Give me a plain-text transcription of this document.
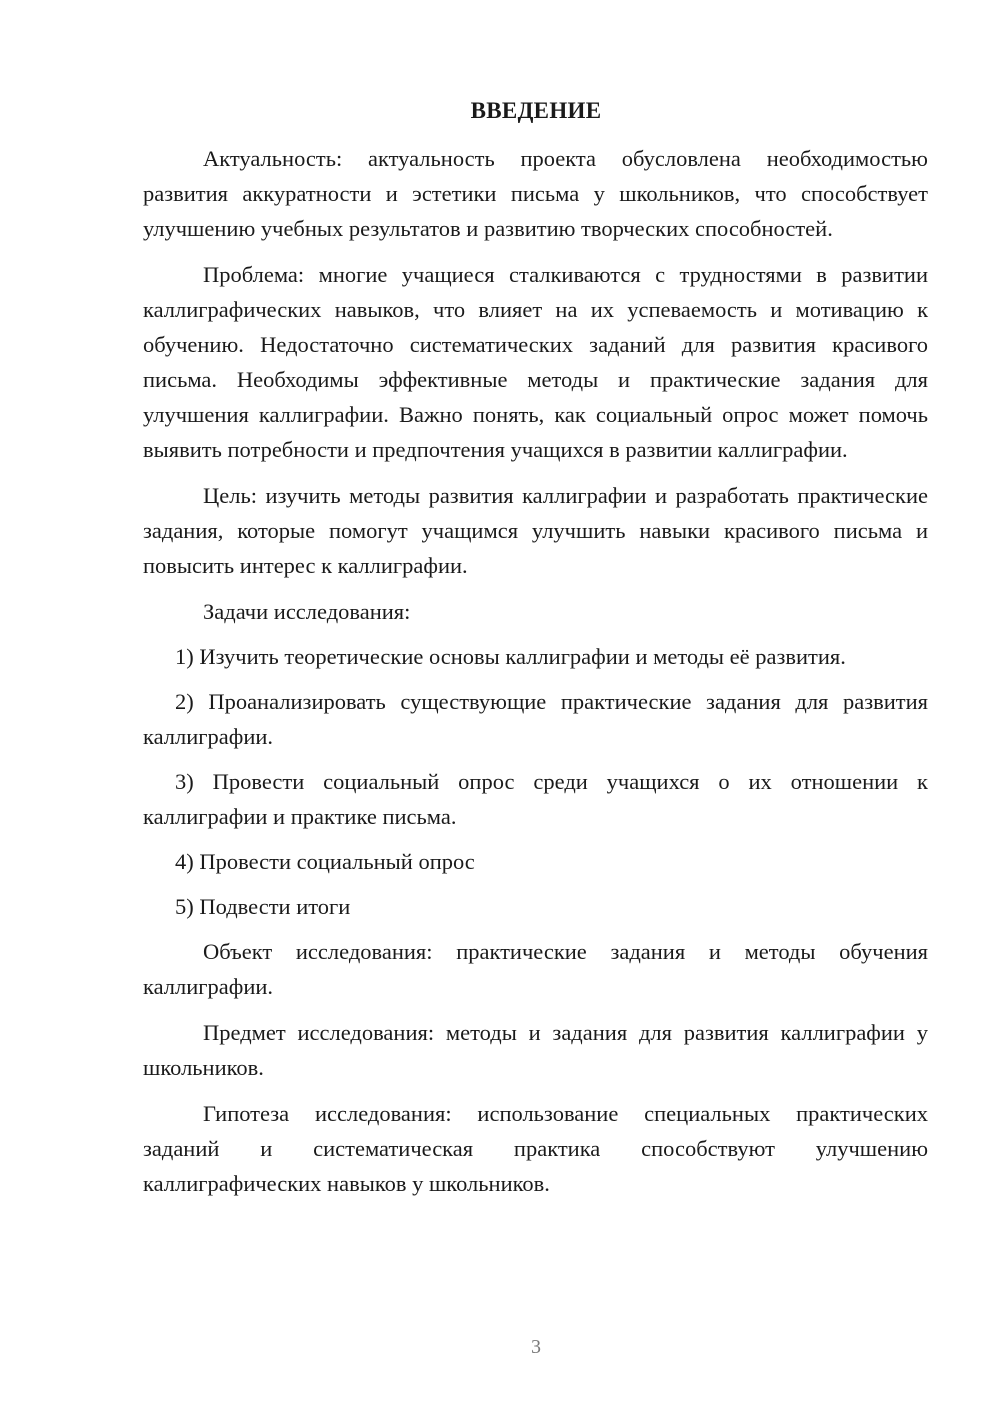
ВВЕДЕНИЕ

Актуальность: актуальность проекта обусловлена необходимостью развития аккуратности и эстетики письма у школьников, что способствует улучшению учебных результатов и развитию творческих способностей.

Проблема: многие учащиеся сталкиваются с трудностями в развитии каллиграфических навыков, что влияет на их успеваемость и мотивацию к обучению. Недостаточно систематических заданий для развития красивого письма. Необходимы эффективные методы и практические задания для улучшения каллиграфии. Важно понять, как социальный опрос может помочь выявить потребности и предпочтения учащихся в развитии каллиграфии.

Цель: изучить методы развития каллиграфии и разработать практические задания, которые помогут учащимся улучшить навыки красивого письма и повысить интерес к каллиграфии.

Задачи исследования:

1) Изучить теоретические основы каллиграфии и методы её развития.

2) Проанализировать существующие практические задания для развития каллиграфии.

3) Провести социальный опрос среди учащихся о их отношении к каллиграфии и практике письма.

4) Провести социальный опрос

5) Подвести итоги

Объект исследования: практические задания и методы обучения каллиграфии.

Предмет исследования: методы и задания для развития каллиграфии у школьников.

Гипотеза исследования: использование специальных практических заданий и систематическая практика способствуют улучшению каллиграфических навыков у школьников.

3
